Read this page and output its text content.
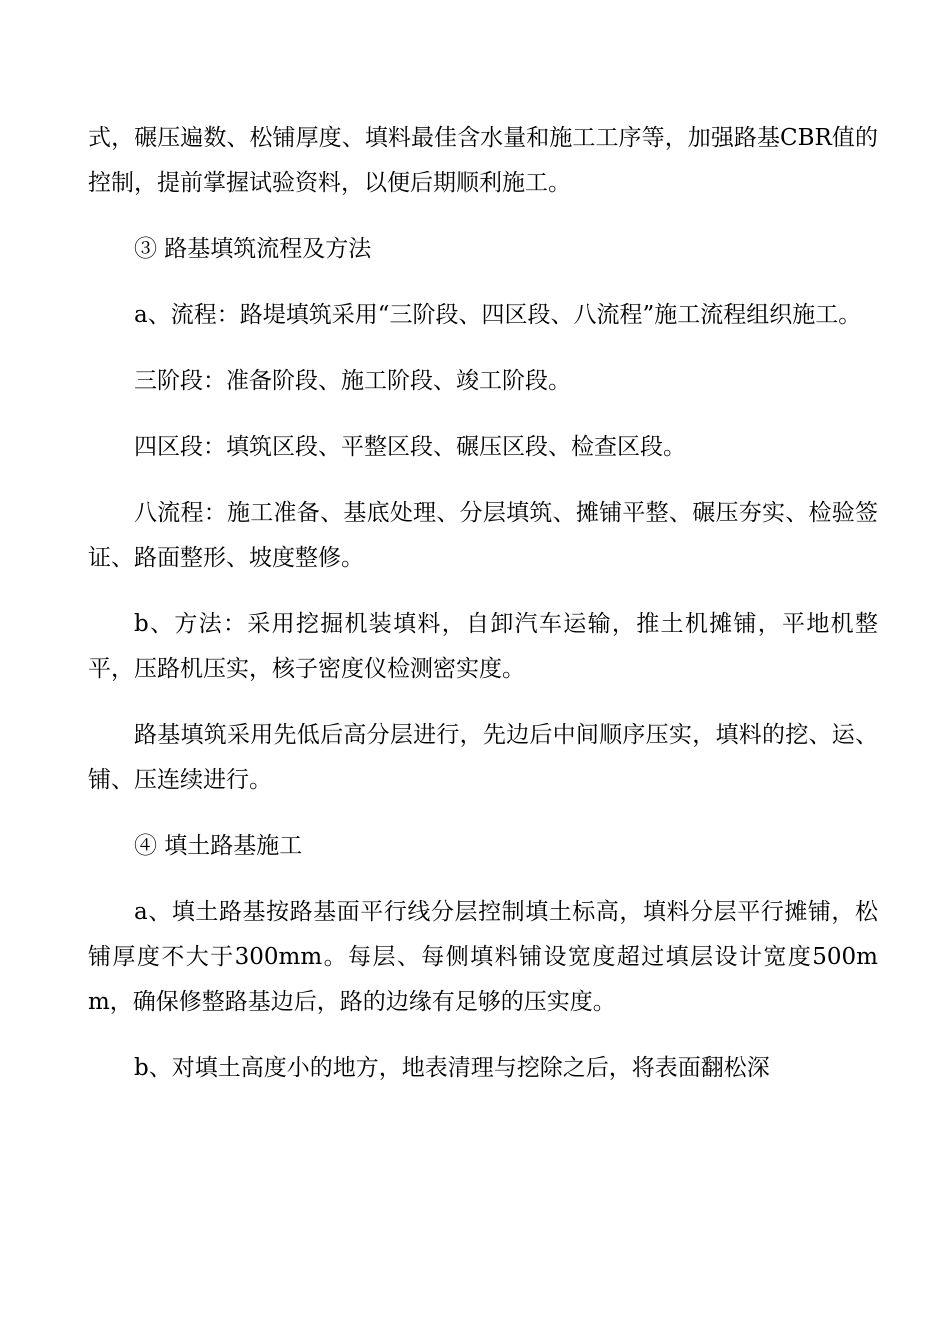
式，碾压遍数、松铺厚度、填料最佳含水量和施工工序等，加强路基CBR值的控制，提前掌握试验资料，以便后期顺利施工。

③ 路基填筑流程及方法

a、流程：路堤填筑采用“三阶段、四区段、八流程”施工流程组织施工。

三阶段：准备阶段、施工阶段、竣工阶段。

四区段：填筑区段、平整区段、碾压区段、检查区段。

八流程：施工准备、基底处理、分层填筑、摊铺平整、碾压夯实、检验签证、路面整形、坡度整修。

b、方法：采用挖掘机装填料，自卸汽车运输，推土机摊铺，平地机整平，压路机压实，核子密度仪检测密实度。

路基填筑采用先低后高分层进行，先边后中间顺序压实，填料的挖、运、铺、压连续进行。

④ 填土路基施工

a、填土路基按路基面平行线分层控制填土标高，填料分层平行摊铺，松铺厚度不大于300mm。每层、每侧填料铺设宽度超过填层设计宽度500mm，确保修整路基边后，路的边缘有足够的压实度。

b、对填土高度小的地方，地表清理与挖除之后，将表面翻松深
